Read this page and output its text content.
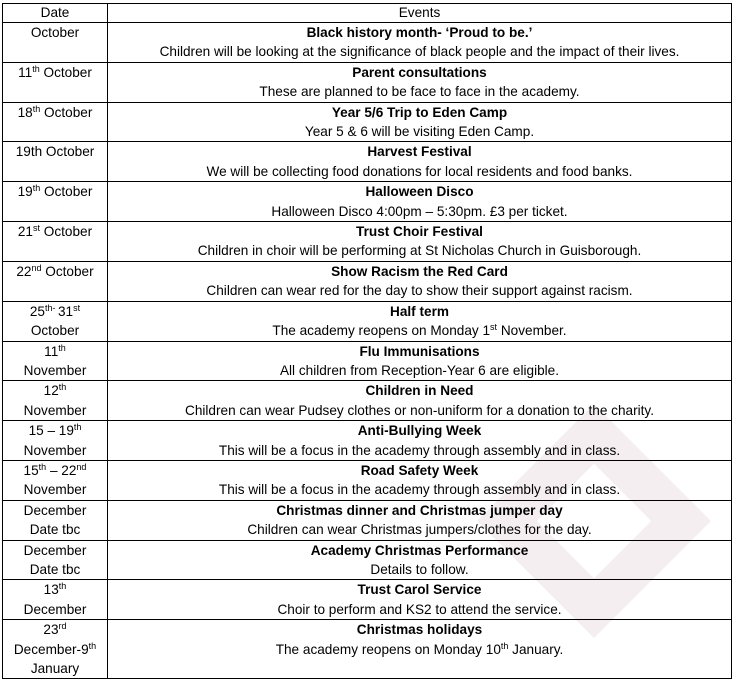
Date	Events

October	Black history month- ‘Proud to be.’
Children will be looking at the significance of black people and the impact of their lives.

11th October	Parent consultations
These are planned to be face to face in the academy.

18th October	Year 5/6 Trip to Eden Camp
Year 5 & 6 will be visiting Eden Camp.

19th October	Harvest Festival
We will be collecting food donations for local residents and food banks.

19th October	Halloween Disco
Halloween Disco 4:00pm – 5:30pm. £3 per ticket.

21st October	Trust Choir Festival
Children in choir will be performing at St Nicholas Church in Guisborough.

22nd October	Show Racism the Red Card
Children can wear red for the day to show their support against racism.

$25^{th-}$ 31st
October	Half term
The academy reopens on Monday 1st November.

11th
November	Flu Immunisations
All children from Reception-Year 6 are eligible.

12th
November	Children in Need
Children can wear Pudsey clothes or non-uniform for a donation to the charity.

15 – 19th
November	Anti-Bullying Week
This will be a focus in the academy through assembly and in class.

15th – 22nd
November	Road Safety Week
This will be a focus in the academy through assembly and in class.

December
Date tbc	Christmas dinner and Christmas jumper day
Children can wear Christmas jumpers/clothes for the day.

December
Date tbc	Academy Christmas Performance
Details to follow.

13th
December	Trust Carol Service
Choir to perform and KS2 to attend the service.

23rd
December-9th
January	Christmas holidays
The academy reopens on Monday 10th January.
